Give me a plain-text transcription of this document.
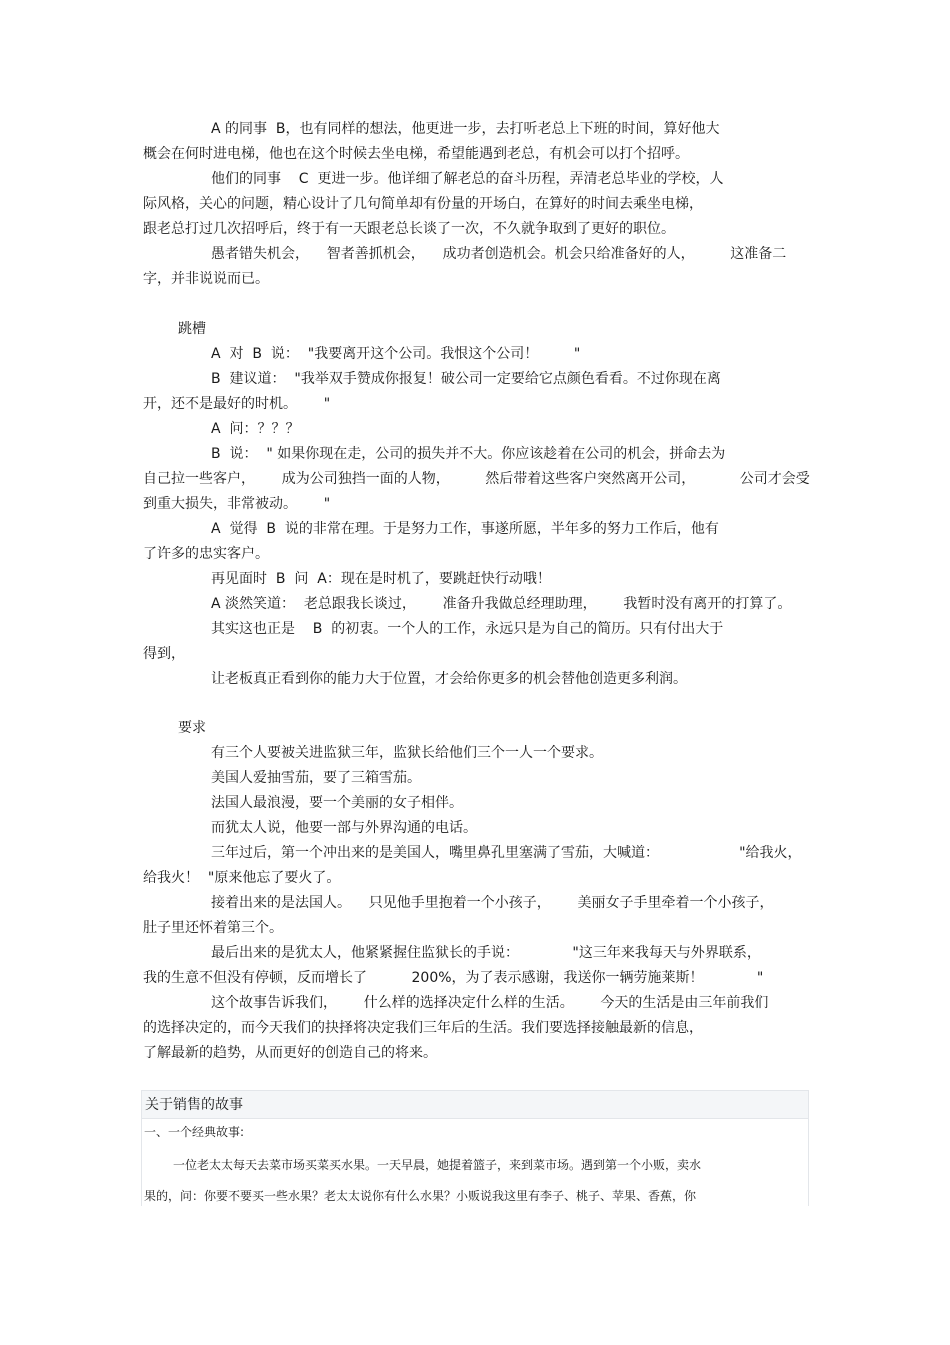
A 的同事  B，也有同样的想法，他更进一步，去打听老总上下班的时间，算好他大
概会在何时进电梯，他也在这个时候去坐电梯，希望能遇到老总，有机会可以打个招呼。
他们的同事    C  更进一步。他详细了解老总的奋斗历程，弄清老总毕业的学校，人
际风格，关心的问题，精心设计了几句简单却有份量的开场白，在算好的时间去乘坐电梯，
跟老总打过几次招呼后，终于有一天跟老总长谈了一次，不久就争取到了更好的职位。
愚者错失机会，    智者善抓机会，    成功者创造机会。机会只给准备好的人，        这准备二
字，并非说说而已。
跳槽
A  对  B  说：  "我要离开这个公司。我恨这个公司！        "
B  建议道：  "我举双手赞成你报复！破公司一定要给它点颜色看看。不过你现在离
开，还不是最好的时机。      "
A  问：？？？
B  说：  " 如果你现在走，公司的损失并不大。你应该趁着在公司的机会，拼命去为
自己拉一些客户，      成为公司独挡一面的人物，        然后带着这些客户突然离开公司，          公司才会受
到重大损失，非常被动。      "
A  觉得  B  说的非常在理。于是努力工作，事遂所愿，半年多的努力工作后，他有
了许多的忠实客户。
再见面时  B  问  A：现在是时机了，要跳赶快行动哦！
A 淡然笑道：  老总跟我长谈过，      准备升我做总经理助理，      我暂时没有离开的打算了。
其实这也正是    B  的初衷。一个人的工作，永远只是为自己的简历。只有付出大于
得到，
让老板真正看到你的能力大于位置，才会给你更多的机会替他创造更多利润。
要求
有三个人要被关进监狱三年，监狱长给他们三个一人一个要求。
美国人爱抽雪茄，要了三箱雪茄。
法国人最浪漫，要一个美丽的女子相伴。
而犹太人说，他要一部与外界沟通的电话。
三年过后，第一个冲出来的是美国人，嘴里鼻孔里塞满了雪茄，大喊道：                  "给我火，
给我火！  "原来他忘了要火了。
接着出来的是法国人。    只见他手里抱着一个小孩子，      美丽女子手里牵着一个小孩子，
肚子里还怀着第三个。
最后出来的是犹太人，他紧紧握住监狱长的手说：            "这三年来我每天与外界联系，
我的生意不但没有停顿，反而增长了          200%，为了表示感谢，我送你一辆劳施莱斯！            "
这个故事告诉我们，      什么样的选择决定什么样的生活。      今天的生活是由三年前我们
的选择决定的，而今天我们的抉择将决定我们三年后的生活。我们要选择接触最新的信息，
了解最新的趋势，从而更好的创造自己的将来。
关于销售的故事
一、一个经典故事:
一位老太太每天去菜市场买菜买水果。一天早晨，她提着篮子，来到菜市场。遇到第一个小贩，卖水
果的，问：你要不要买一些水果？老太太说你有什么水果？小贩说我这里有李子、桃子、苹果、香蕉，你
